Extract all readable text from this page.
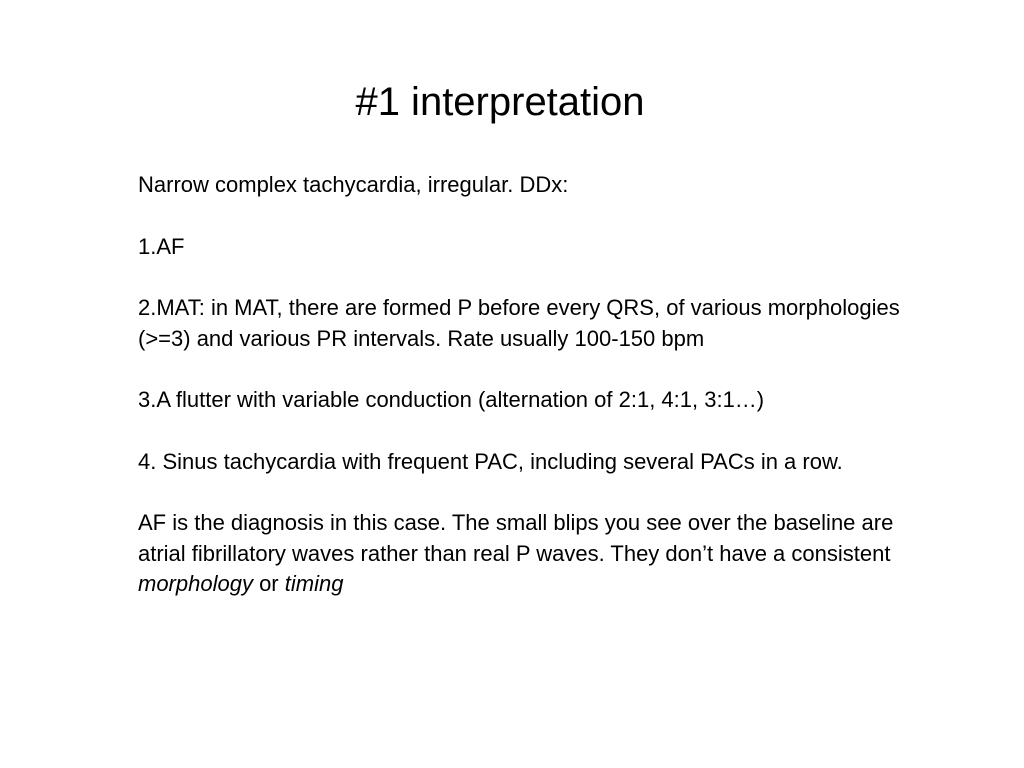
#1 interpretation

Narrow complex tachycardia, irregular. DDx:

1.AF

2.MAT: in MAT, there are formed P before every QRS, of various morphologies (>=3) and various PR intervals. Rate usually 100-150 bpm

3.A flutter with variable conduction (alternation of 2:1, 4:1, 3:1…)

4. Sinus tachycardia with frequent PAC, including several PACs in a row.

AF is the diagnosis in this case. The small blips you see over the baseline are atrial fibrillatory waves rather than real P waves. They don’t have a consistent morphology or timing
